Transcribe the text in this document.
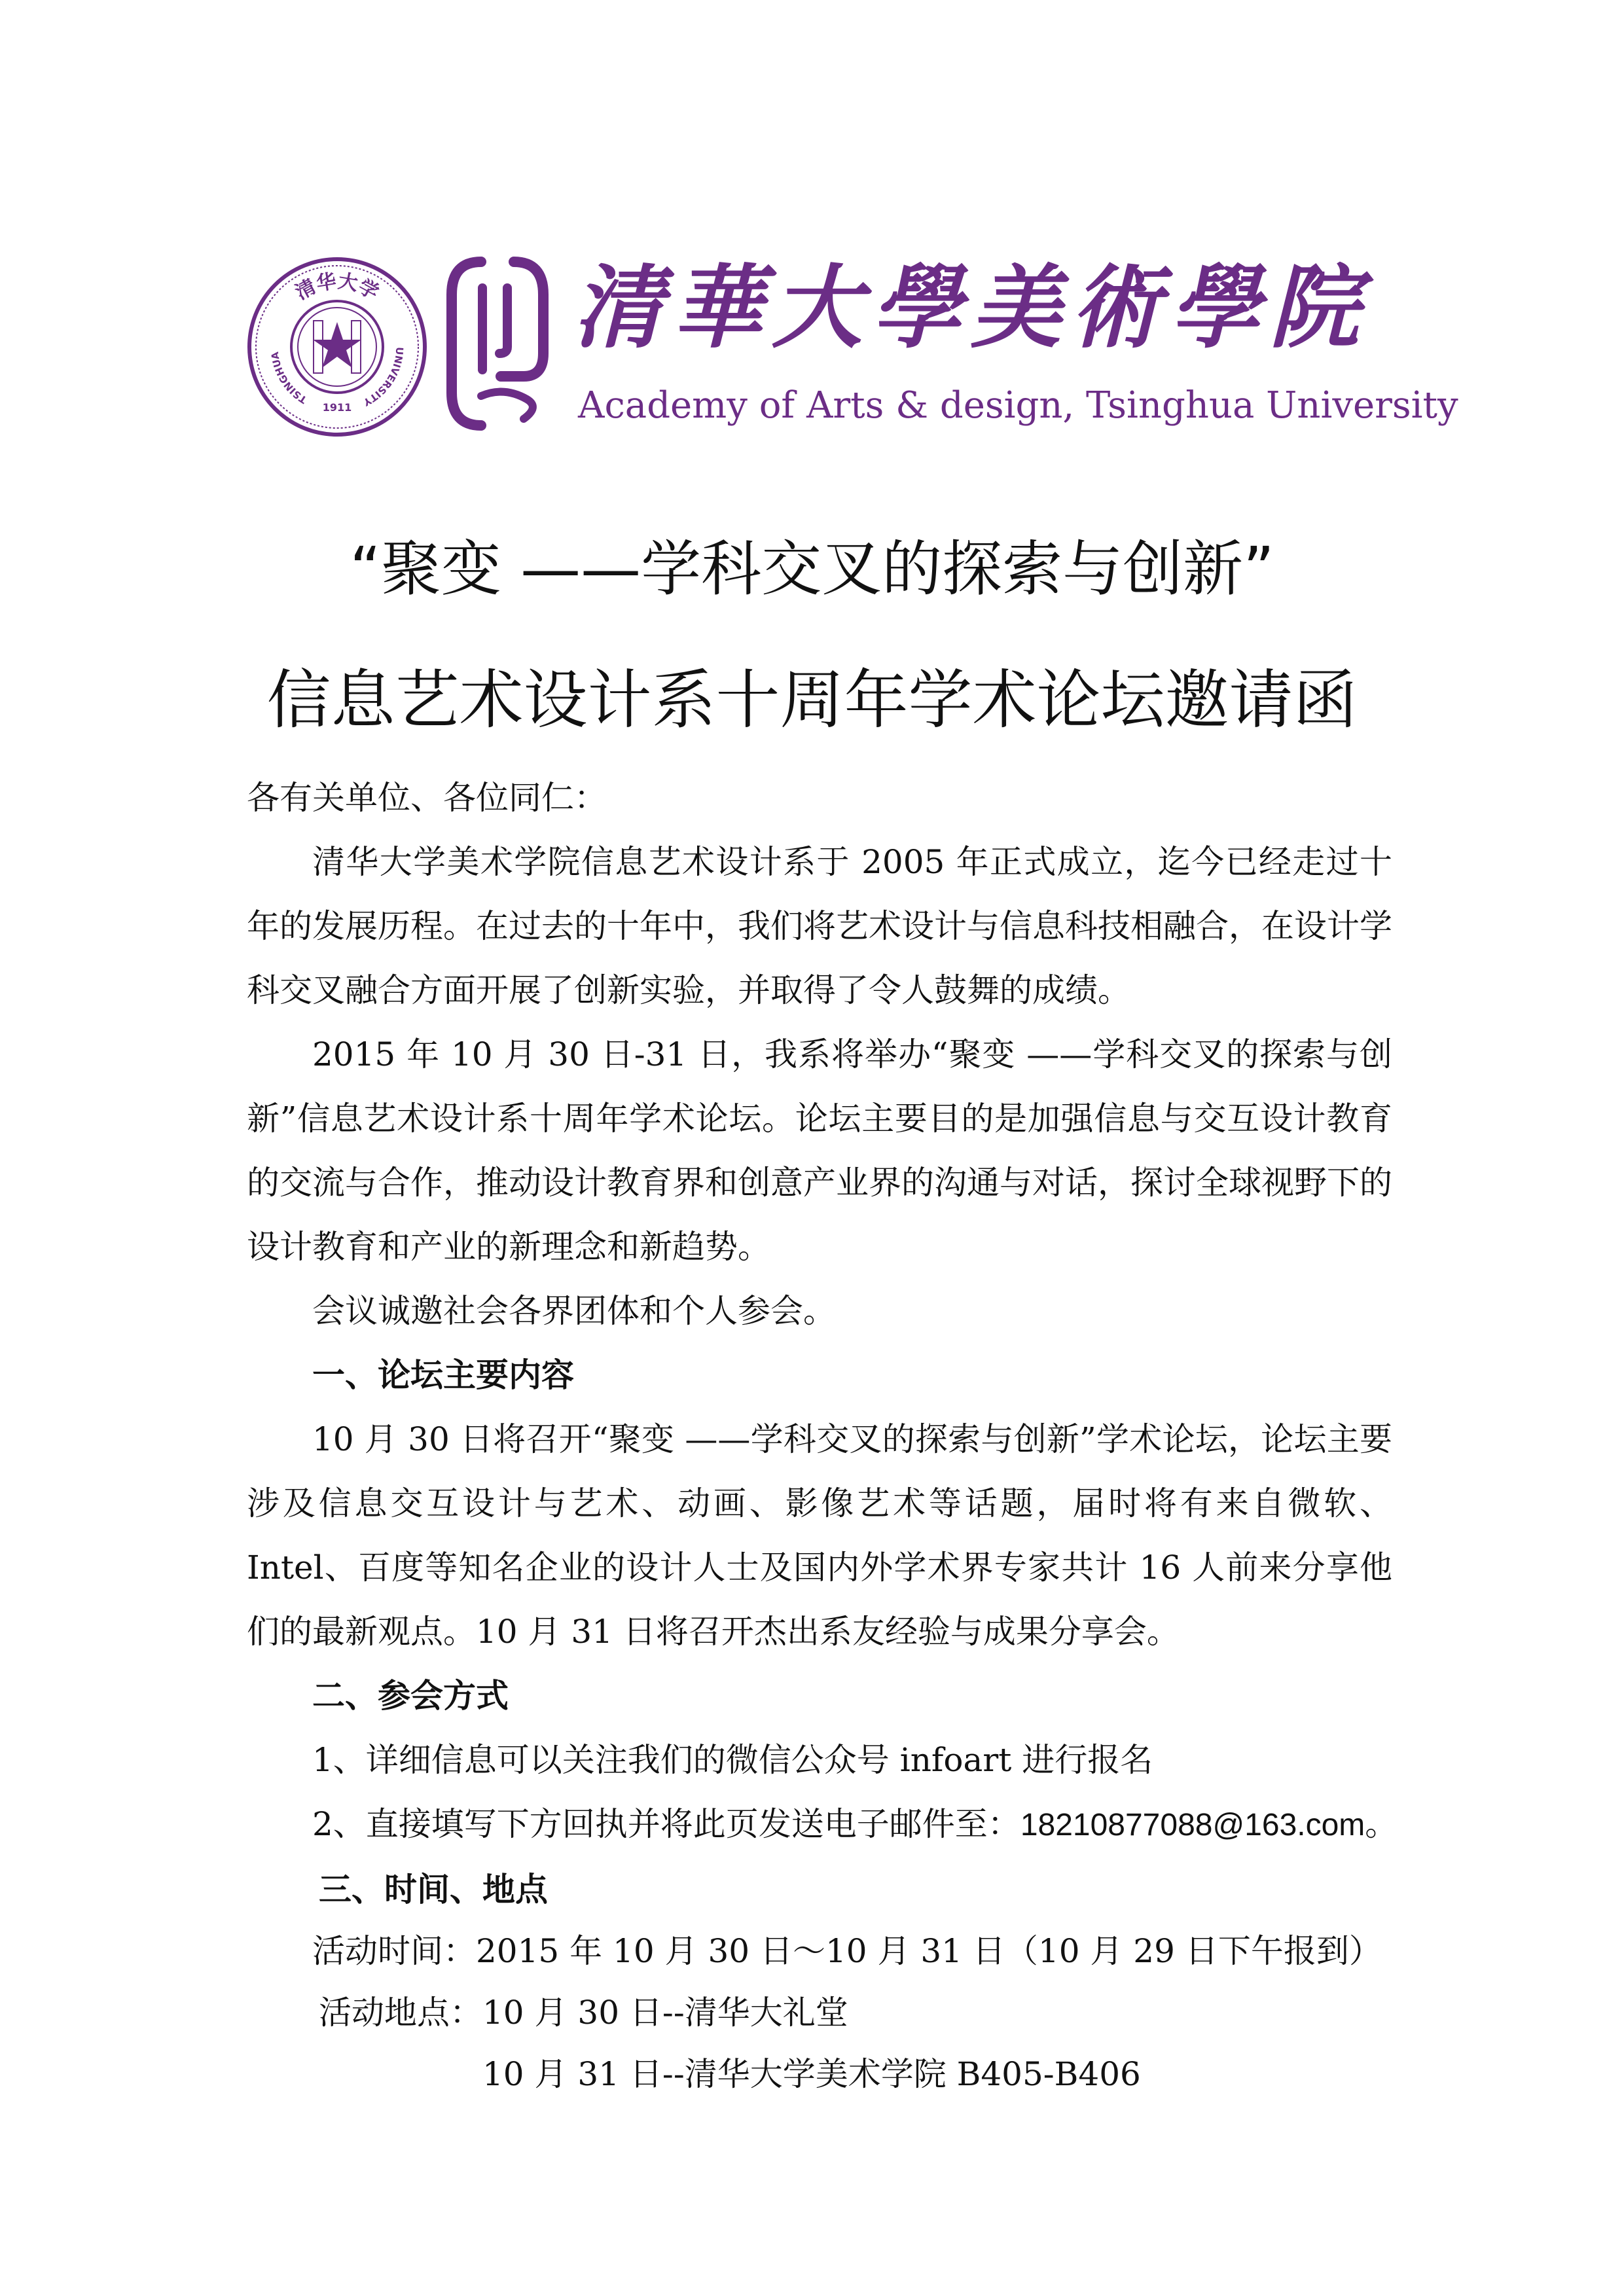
清华大学
TSINGHUA
UNIVERSITY
1911
清華大學美術學院
Academy of Arts & design, Tsinghua University
“聚变 ——学科交叉的探索与创新”
信息艺术设计系十周年学术论坛邀请函
各有关单位、各位同仁：
清华大学美术学院信息艺术设计系于 2005 年正式成立，迄今已经走过十年的发展历程。在过去的十年中，我们将艺术设计与信息科技相融合，在设计学科交叉融合方面开展了创新实验，并取得了令人鼓舞的成绩。
2015 年 10 月 30 日-31 日，我系将举办“聚变 ——学科交叉的探索与创新”信息艺术设计系十周年学术论坛。论坛主要目的是加强信息与交互设计教育的交流与合作，推动设计教育界和创意产业界的沟通与对话，探讨全球视野下的设计教育和产业的新理念和新趋势。
会议诚邀社会各界团体和个人参会。
一、论坛主要内容
10 月 30 日将召开“聚变 ——学科交叉的探索与创新”学术论坛，论坛主要涉及信息交互设计与艺术、动画、影像艺术等话题，届时将有来自微软、Intel、百度等知名企业的设计人士及国内外学术界专家共计 16 人前来分享他们的最新观点。10 月 31 日将召开杰出系友经验与成果分享会。
二、参会方式
1、详细信息可以关注我们的微信公众号 infoart 进行报名
2、直接填写下方回执并将此页发送电子邮件至：18210877088@163.com。
三、时间、地点
活动时间：2015 年 10 月 30 日～10 月 31 日（10 月 29 日下午报到）
活动地点：10 月 30 日--清华大礼堂
10 月 31 日--清华大学美术学院 B405-B406
